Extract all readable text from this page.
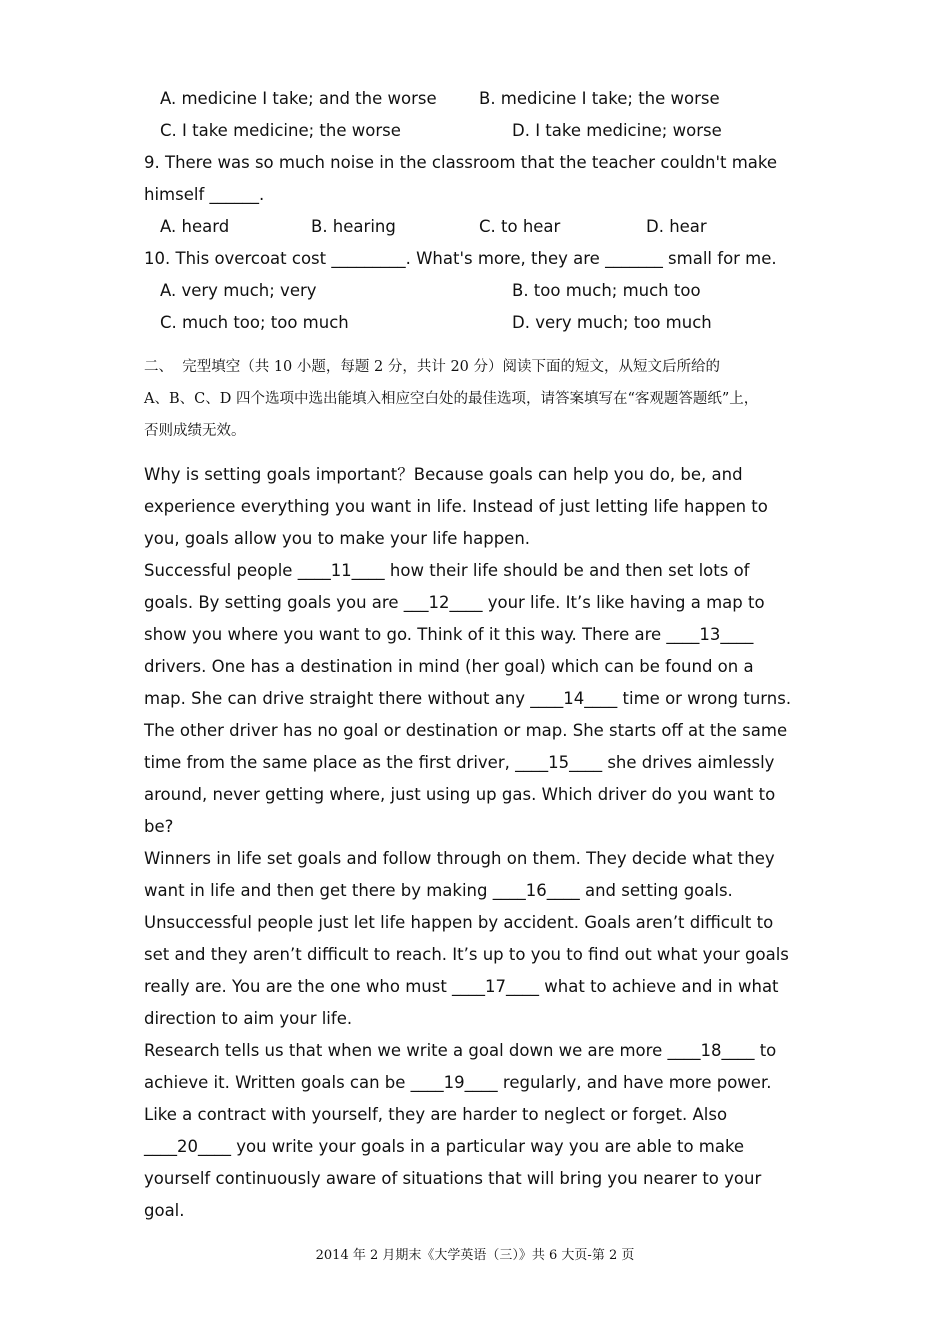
A. medicine I take; and the worse	B. medicine I take; the worse
C. I take medicine; the worse	D. I take medicine; worse
9. There was so much noise in the classroom that the teacher couldn't make
himself ______.
A. heard	B. hearing	C. to hear	D. hear
10. This overcoat cost _________. What's more, they are _______ small for me.
A. very much; very	B. too much; much too
C. much too; too much	D. very much; too much
二、  完型填空（共 10 小题，每题 2 分，共计 20 分）阅读下面的短文，从短文后所给的
A、B、C、D 四个选项中选出能填入相应空白处的最佳选项，请答案填写在“客观题答题纸”上，
否则成绩无效。
Why is setting goals important？Because goals can help you do, be, and
experience everything you want in life. Instead of just letting life happen to
you, goals allow you to make your life happen.
Successful people ____11____ how their life should be and then set lots of
goals. By setting goals you are ___12____ your life. It’s like having a map to
show you where you want to go. Think of it this way. There are ____13____
drivers. One has a destination in mind (her goal) which can be found on a
map. She can drive straight there without any ____14____ time or wrong turns.
The other driver has no goal or destination or map. She starts off at the same
time from the same place as the first driver, ____15____ she drives aimlessly
around, never getting where, just using up gas. Which driver do you want to
be?
Winners in life set goals and follow through on them. They decide what they
want in life and then get there by making ____16____ and setting goals.
Unsuccessful people just let life happen by accident. Goals aren’t difficult to
set and they aren’t difficult to reach. It’s up to you to find out what your goals
really are. You are the one who must ____17____ what to achieve and in what
direction to aim your life.
Research tells us that when we write a goal down we are more ____18____ to
achieve it. Written goals can be ____19____ regularly, and have more power.
Like a contract with yourself, they are harder to neglect or forget. Also
____20____ you write your goals in a particular way you are able to make
yourself continuously aware of situations that will bring you nearer to your
goal.
2014 年 2 月期末《大学英语（三）》共 6 大页-第 2 页
